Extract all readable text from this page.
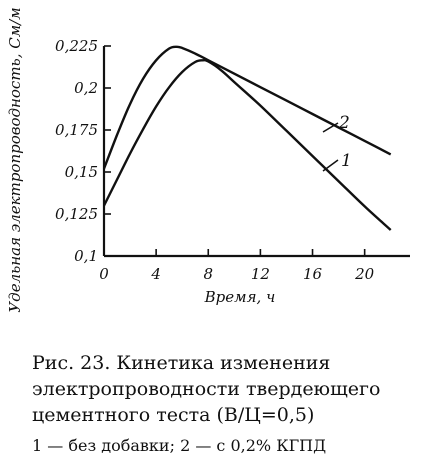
0,1
0,125
0,15
0,175
0,2
0,225
0	4	8	12 16 20
2
1
Удельная электропроводность, См/м	Время, ч
Рис. 23. Кинетика изменения электропроводности твердеющего цементного теста (В/Ц=0,5)
1 — без добавки; 2 — с 0,2% КГПД
